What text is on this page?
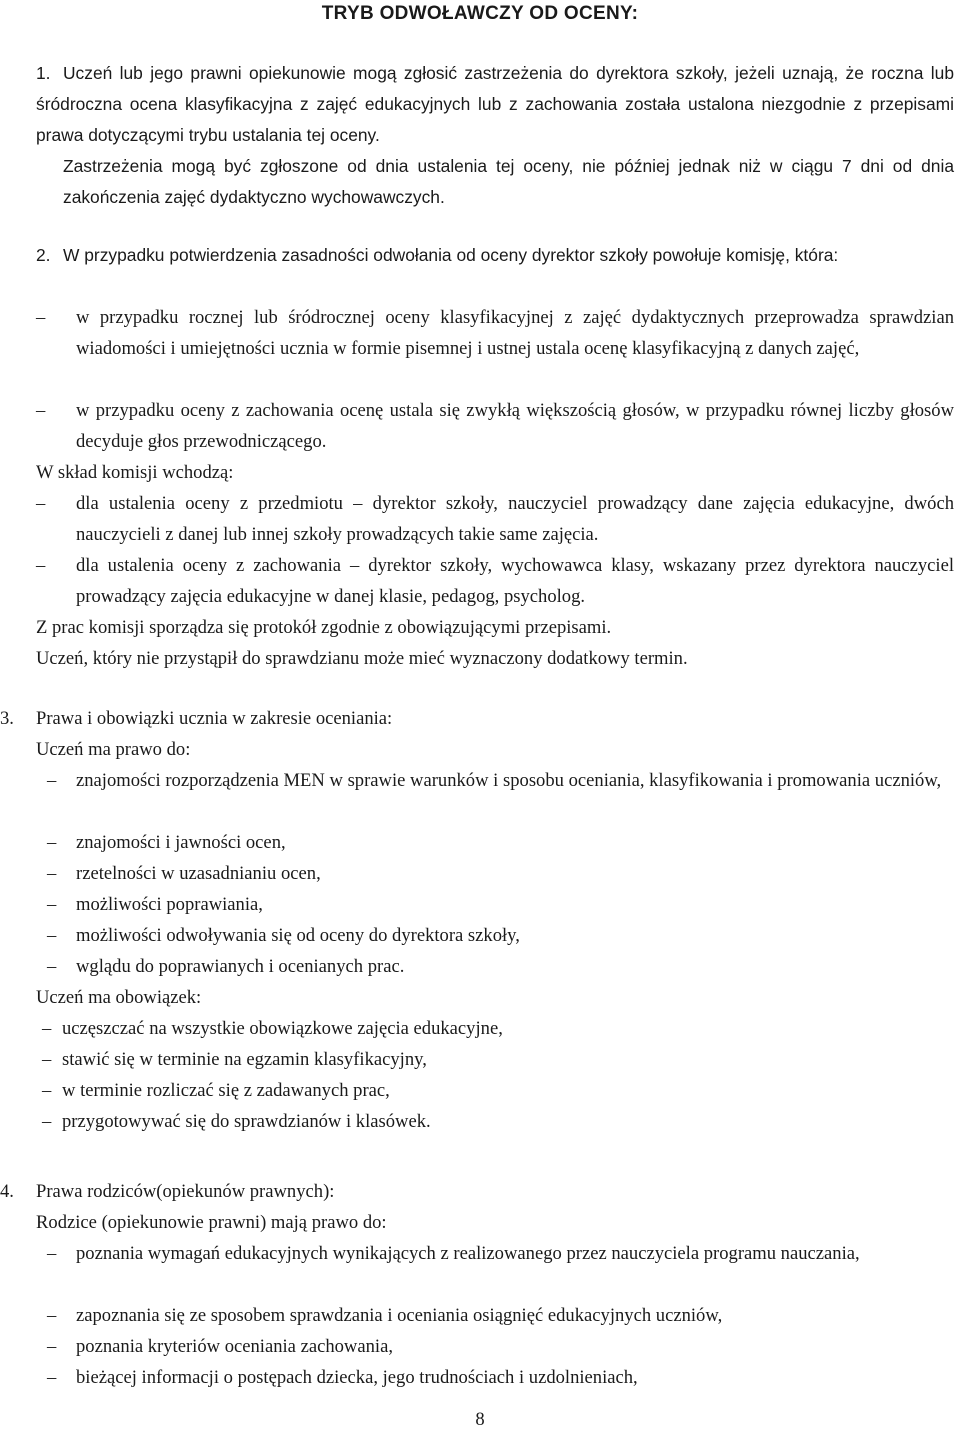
TRYB ODWOŁAWCZY OD OCENY:
1. Uczeń lub jego prawni opiekunowie mogą zgłosić zastrzeżenia do dyrektora szkoły, jeżeli uznają, że roczna lub śródroczna ocena klasyfikacyjna z zajęć edukacyjnych lub z zachowania została ustalona niezgodnie z przepisami prawa dotyczącymi trybu ustalania tej oceny.
Zastrzeżenia mogą być zgłoszone od dnia ustalenia tej oceny, nie później jednak niż w ciągu 7 dni od dnia zakończenia zajęć dydaktyczno wychowawczych.
2. W przypadku potwierdzenia zasadności odwołania od oceny dyrektor szkoły powołuje komisję, która:
– w przypadku rocznej lub śródrocznej oceny klasyfikacyjnej z zajęć dydaktycznych przeprowadza sprawdzian wiadomości i umiejętności ucznia w formie pisemnej i ustnej ustala ocenę klasyfikacyjną z danych zajęć,
– w przypadku oceny z zachowania ocenę ustala się zwykłą większością głosów, w przypadku równej liczby głosów decyduje głos przewodniczącego.
W skład komisji wchodzą:
– dla ustalenia oceny z przedmiotu – dyrektor szkoły, nauczyciel prowadzący dane zajęcia edukacyjne, dwóch nauczycieli z danej lub innej szkoły prowadzących takie same zajęcia.
– dla ustalenia oceny z zachowania – dyrektor szkoły, wychowawca klasy, wskazany przez dyrektora nauczyciel prowadzący zajęcia edukacyjne w danej klasie, pedagog, psycholog.
Z prac komisji sporządza się protokół zgodnie z obowiązującymi przepisami.
Uczeń, który nie przystąpił do sprawdzianu może mieć wyznaczony dodatkowy termin.
3. Prawa i obowiązki ucznia w zakresie oceniania:
Uczeń ma prawo do:
– znajomości rozporządzenia MEN w sprawie warunków i sposobu oceniania, klasyfikowania i promowania uczniów,
– znajomości i jawności ocen,
– rzetelności w uzasadnianiu ocen,
– możliwości poprawiania,
– możliwości odwoływania się od oceny do dyrektora szkoły,
– wglądu do poprawianych i ocenianych prac.
Uczeń ma obowiązek:
– uczęszczać na wszystkie obowiązkowe zajęcia edukacyjne,
– stawić się w terminie na egzamin klasyfikacyjny,
– w terminie rozliczać się z zadawanych prac,
– przygotowywać się do sprawdzianów i klasówek.
4. Prawa rodziców(opiekunów prawnych):
Rodzice (opiekunowie prawni) mają prawo do:
– poznania wymagań edukacyjnych wynikających z realizowanego przez nauczyciela programu nauczania,
– zapoznania się ze sposobem sprawdzania i oceniania osiągnięć edukacyjnych uczniów,
– poznania kryteriów oceniania zachowania,
– bieżącej informacji o postępach dziecka, jego trudnościach i uzdolnieniach,
8
